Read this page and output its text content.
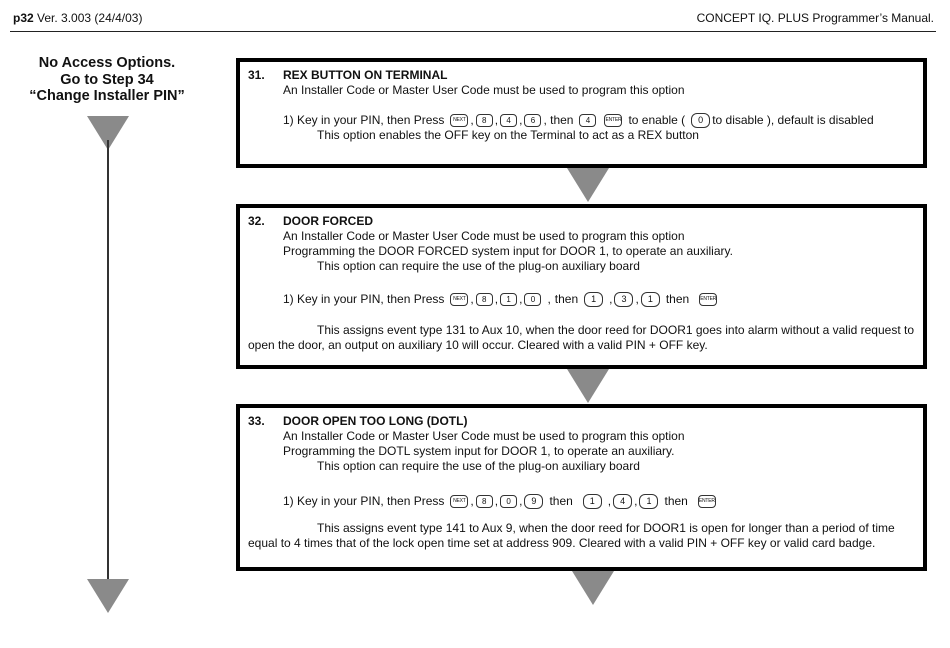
p32 Ver. 3.003 (24/4/03)	CONCEPT IQ. PLUS Programmer’s Manual.
No Access Options.
Go to Step 34
“Change Installer PIN”
31. REX BUTTON ON TERMINAL
An Installer Code or Master User Code must be used to program this option
1) Key in your PIN, then Press	NEXT ,	8 ,	4 ,	6 , then	4	ENTER to enable (	0 to disable ), default is disabled
This option enables the OFF key on the Terminal to act as a REX button
32. DOOR FORCED
An Installer Code or Master User Code must be used to program this option
Programming the DOOR FORCED system input for DOOR 1, to operate an auxiliary.
This option can require the use of the plug-on auxiliary board
1) Key in your PIN, then Press	NEXT ,	8 ,	1 ,	0	, then	1	, 3 , 1	then ENTER
This assigns event type 131 to Aux 10, when the door reed for DOOR1 goes into alarm without a valid request to open the door, an output on auxiliary 10 will occur. Cleared with a valid PIN + OFF key.
33. DOOR OPEN TOO LONG (DOTL)
An Installer Code or Master User Code must be used to program this option
Programming the DOTL system input for DOOR 1, to operate an auxiliary.
This option can require the use of the plug-on auxiliary board
1) Key in your PIN, then Press	NEXT ,	8 ,	0 , 9	then	1	, 4 , 1	then ENTER
This assigns event type 141 to Aux 9, when the door reed for DOOR1 is open for longer than a period of time equal to 4 times that of the lock open time set at address 909. Cleared with a valid PIN + OFF key or valid card badge.
